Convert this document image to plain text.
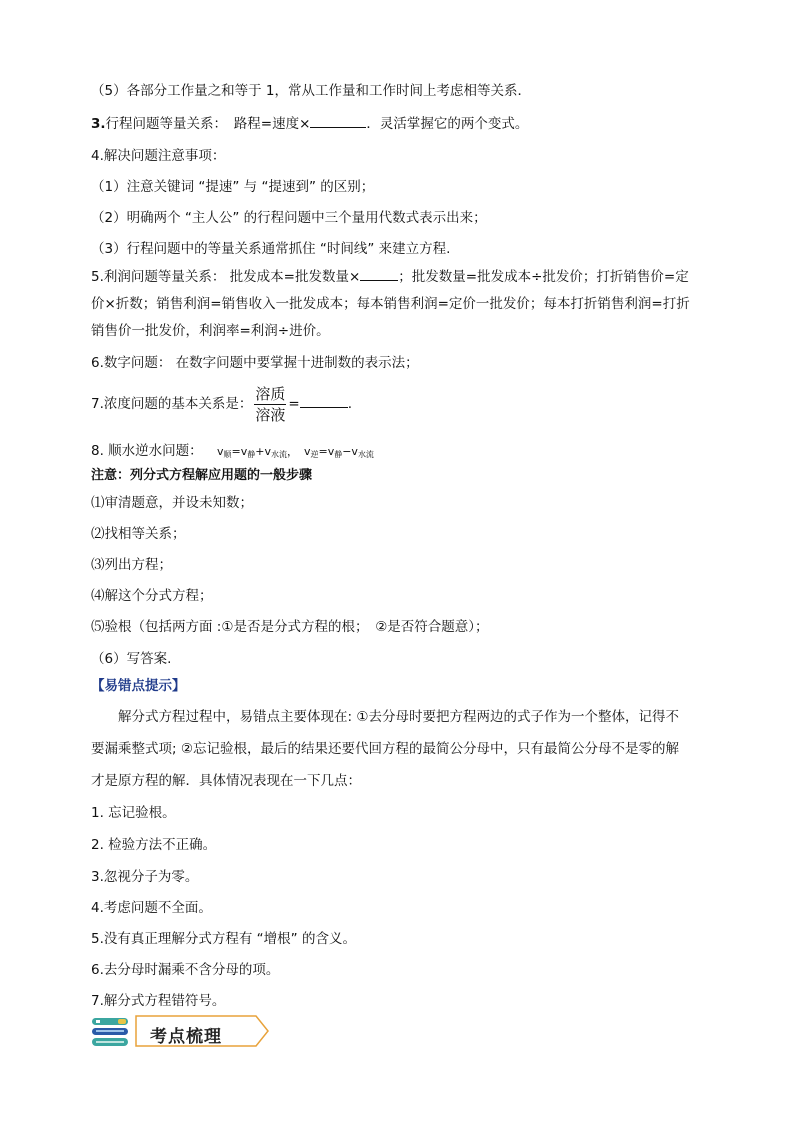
（5）各部分工作量之和等于 1，常从工作量和工作时间上考虑相等关系．
3.行程问题等量关系：　路程=速度×	．灵活掌握它的两个变式。
4.解决问题注意事项：
（1）注意关键词 “提速” 与 “提速到” 的区别；
（2）明确两个 “主人公” 的行程问题中三个量用代数式表示出来；
（3）行程问题中的等量关系通常抓住 “时间线” 来建立方程.
5.利润问题等量关系： 批发成本=批发数量×	；批发数量=批发成本÷批发价；打折销售价=定
价×折数；销售利润=销售收入一批发成本；每本销售利润=定价一批发价；每本打折销售利润=打折
销售价一批发价，利润率=利润÷进价。
6.数字问题： 在数字问题中要掌握十进制数的表示法；
7.浓度问题的基本关系是： $\frac{\text{溶质}}{\text{溶液}}$ =	.
8. 顺水逆水问题： $v_顺=v_静+v_{水流}$， $v_逆=v_静-v_{水流}$
注意：列分式方程解应用题的一般步骤
⑴审清题意，并设未知数；
⑵找相等关系；
⑶列出方程；
⑷解这个分式方程；
⑸验根（包括两方面 :①是否是分式方程的根；　②是否符合题意）；
（6）写答案.
【易错点提示】
　　解分式方程过程中，易错点主要体现在: ①去分母时要把方程两边的式子作为一个整体，记得不
要漏乘整式项; ②忘记验根，最后的结果还要代回方程的最简公分母中，只有最简公分母不是零的解
才是原方程的解．具体情况表现在一下几点：
1. 忘记验根。
2. 检验方法不正确。
3.忽视分子为零。
4.考虑问题不全面。
5.没有真正理解分式方程有 “增根” 的含义。
6.去分母时漏乘不含分母的项。
7.解分式方程错符号。
考点梳理
